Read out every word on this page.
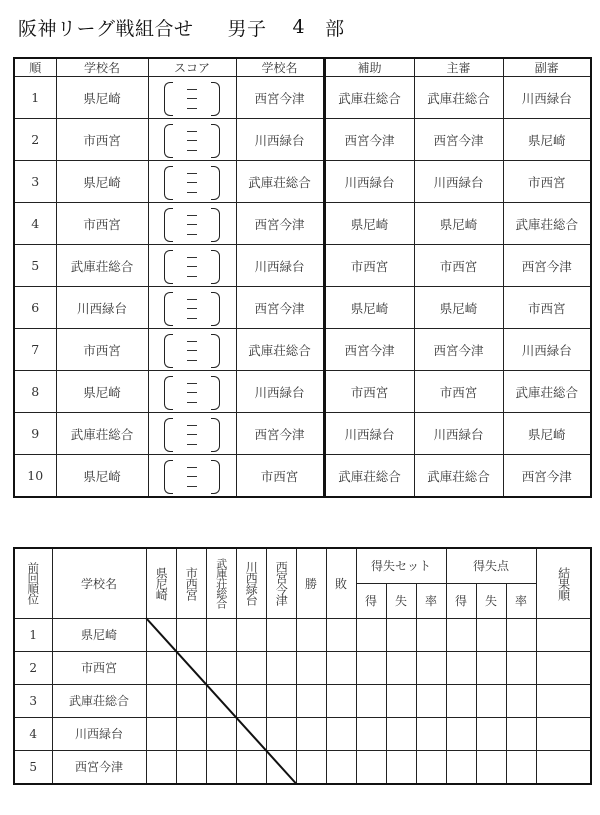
阪神リーグ戦組合せ 男子 4 部
順	学校名	スコア	学校名	補助	主審	副審
1	県尼崎		西宮今津	武庫荘総合	武庫荘総合	川西緑台
2	市西宮		川西緑台	西宮今津	西宮今津	県尼崎
3	県尼崎		武庫荘総合	川西緑台	川西緑台	市西宮
4	市西宮		西宮今津	県尼崎	県尼崎	武庫荘総合
5	武庫荘総合		川西緑台	市西宮	市西宮	西宮今津
6	川西緑台		西宮今津	県尼崎	県尼崎	市西宮
7	市西宮		武庫荘総合	西宮今津	西宮今津	川西緑台
8	県尼崎		川西緑台	市西宮	市西宮	武庫荘総合
9	武庫荘総合		西宮今津	川西緑台	川西緑台	県尼崎
10	県尼崎		市西宮	武庫荘総合	武庫荘総合	西宮今津
前回順位	学校名	県尼崎	市西宮	武庫荘総合	川西緑台	西宮今津	勝	敗	得失セット			得失点			結果順

									得	失	率	得	失	率	
1	県尼崎														
2	市西宮														
3	武庫荘総合														
4	川西緑台														
5	西宮今津														
